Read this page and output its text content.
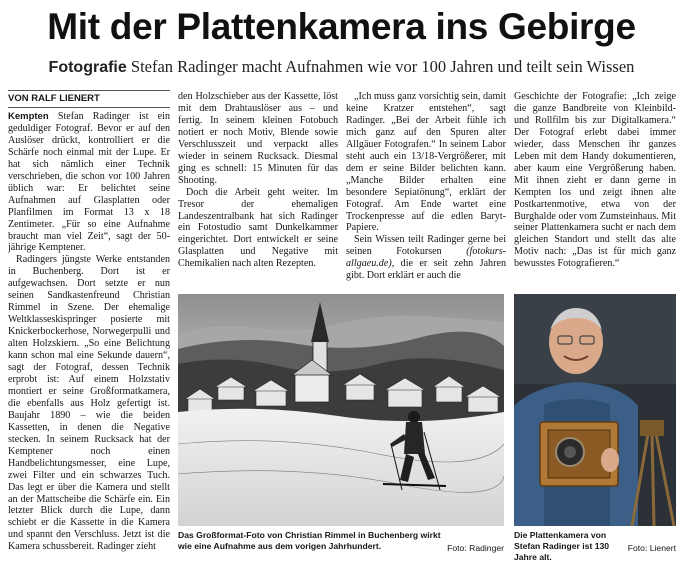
Mit der Plattenkamera ins Gebirge
Fotografie Stefan Radinger macht Aufnahmen wie vor 100 Jahren und teilt sein Wissen
VON RALF LIENERT

Kempten Stefan Radinger ist ein geduldiger Fotograf. Bevor er auf den Auslöser drückt, kontrolliert er die Schärfe noch einmal mit der Lupe. Er hat sich nämlich einer Technik verschrieben, die schon vor 100 Jahren üblich war: Er belichtet seine Aufnahmen auf Glasplatten oder Planfilmen im Format 13 x 18 Zentimeter. „Für so eine Aufnahme braucht man viel Zeit“, sagt der 50-jährige Kemptener.

Radingers jüngste Werke entstanden in Buchenberg. Dort ist er aufgewachsen. Dort setzte er nun seinen Sandkastenfreund Christian Rimmel in Szene. Der ehemalige Weltklasseskispringer posierte mit Knickerbockerhose, Norwegerpulli und alten Holzskiern. „So eine Belichtung kann schon mal eine Sekunde dauern“, sagt der Fotograf, dessen Technik erprobt ist: Auf einem Holzstativ montiert er seine Großformatkamera, die ebenfalls aus Holz gefertigt ist. Baujahr 1890 – wie die beiden Kassetten, in denen die Negative stecken. In seinem Rucksack hat der Kemptener noch einen Handbelichtungsmesser, eine Lupe, zwei Filter und ein schwarzes Tuch. Das legt er über die Kamera und stellt an der Mattscheibe die Schärfe ein. Ein letzter Blick durch die Lupe, dann schiebt er die Kassette in die Kamera und spannt den Verschluss. Jetzt ist die Kamera schussbereit. Radinger zieht

den Holzschieber aus der Kassette, löst mit dem Drahtauslöser aus – und fertig. In seinem kleinen Fotobuch notiert er noch Motiv, Blende sowie Verschlusszeit und verpackt alles wieder in seinem Rucksack. Diesmal ging es schnell: 15 Minuten für das Shooting.

Doch die Arbeit geht weiter. Im Tresor der ehemaligen Landeszentralbank hat sich Radinger ein Fotostudio samt Dunkelkammer eingerichtet. Dort entwickelt er seine Glasplatten und Negative mit Chemikalien nach alten Rezepten.

„Ich muss ganz vorsichtig sein, damit keine Kratzer entstehen“, sagt Radinger. „Bei der Arbeit fühle ich mich ganz auf den Spuren alter Allgäuer Fotografen.“ In seinem Labor steht auch ein 13/18-Vergrößerer, mit dem er seine Bilder belichten kann. „Manche Bilder erhalten eine besondere Sepiatönung“, erklärt der Fotograf. Am Ende wartet eine Trockenpresse auf die edlen Baryt-Papiere.

Sein Wissen teilt Radinger gerne bei seinen Fotokursen (fotokurs-allgaeu.de), die er seit zehn Jahren gibt. Dort erklärt er auch die

Geschichte der Fotografie: „Ich zeige die ganze Bandbreite von Kleinbild- und Rollfilm bis zur Digitalkamera.“ Der Fotograf erlebt dabei immer wieder, dass Menschen ihr ganzes Leben mit dem Handy dokumentieren, aber kaum eine Vergrößerung haben. Mit ihnen zieht er dann gerne in Kempten los und zeigt ihnen alte Postkartenmotive, etwa von der Burghalde oder vom Zumsteinhaus. Mit seiner Plattenkamera sucht er nach dem gleichen Standort und stellt das alte Motiv nach: „Das ist für mich ganz bewusstes Fotografieren.“

Das Großformat-Foto von Christian Rimmel in Buchenberg wirkt wie eine Aufnahme aus dem vorigen Jahrhundert.	Foto: Radinger
Die Plattenkamera von Stefan Radinger ist 130 Jahre alt.
Foto: Lienert
